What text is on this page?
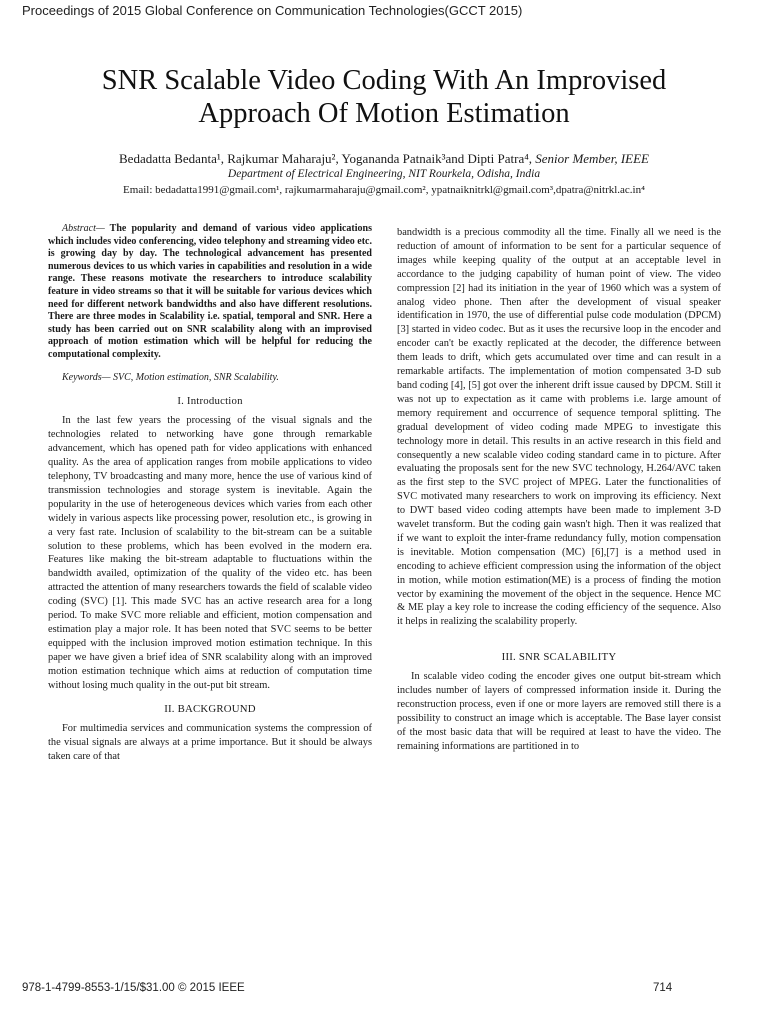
Proceedings of 2015 Global Conference on Communication Technologies(GCCT 2015)
SNR Scalable Video Coding With An Improvised
Approach Of Motion Estimation
Bedadatta Bedanta¹, Rajkumar Maharaju², Yogananda Patnaik³and Dipti Patra⁴, Senior Member, IEEE
Department of Electrical Engineering, NIT Rourkela, Odisha, India
Email: bedadatta1991@gmail.com¹, rajkumarmaharaju@gmail.com², ypatnaiknitrkl@gmail.com³,dpatra@nitrkl.ac.in⁴

Abstract— The popularity and demand of various video applications which includes video conferencing, video telephony and streaming video etc. is growing day by day. The technological advancement has presented numerous devices to us which varies in capabilities and resolution in a wide range. These reasons motivate the researchers to introduce scalability feature in video streams so that it will be suitable for various devices which need for different network bandwidths and also have different resolutions. There are three modes in Scalability i.e. spatial, temporal and SNR. Here a study has been carried out on SNR scalability along with an improvised approach of motion estimation which will be helpful for reducing the computational complexity.

Keywords— SVC, Motion estimation, SNR Scalability.

I. Introduction

In the last few years the processing of the visual signals and the technologies related to networking have gone through remarkable advancement, which has opened path for video applications with enhanced quality. As the area of application ranges from mobile applications to video telephony, TV broadcasting and many more, hence the use of various kind of transmission technologies and storage system is inevitable. Again the popularity in the use of heterogeneous devices which varies from each other widely in various aspects like processing power, resolution etc., is growing in a very fast rate. Inclusion of scalability to the bit-stream can be a suitable solution to these problems, which has been evolved in the modern era. Features like making the bit-stream adaptable to fluctuations within the bandwidth availed, optimization of the quality of the video etc. has been attracted the attention of many researchers towards the field of scalable video coding (SVC) [1]. This made SVC has an active research area for a long period. To make SVC more reliable and efficient, motion compensation and estimation play a major role. It has been noted that SVC seems to be better equipped with the inclusion improved motion estimation technique. In this paper we have given a brief idea of SNR scalability along with an improved motion estimation technique which aims at reduction of computation time without losing much quality in the out-put bit stream.

II. BACKGROUND

For multimedia services and communication systems the compression of the visual signals are always at a prime importance. But it should be always taken care of that

bandwidth is a precious commodity all the time. Finally all we need is the reduction of amount of information to be sent for a particular sequence of images while keeping quality of the output at an acceptable level in accordance to the judging capability of human point of view. The video compression [2] had its initiation in the year of 1960 which was a system of analog video phone. Then after the development of visual speaker identification in 1970, the use of differential pulse code modulation (DPCM) [3] started in video codec. But as it uses the recursive loop in the encoder and encoder can't be exactly replicated at the decoder, the difference between them leads to drift, which gets accumulated over time and can result in a remarkable artifacts. The implementation of motion compensated 3-D sub band coding [4], [5] got over the inherent drift issue caused by DPCM. Still it was not up to expectation as it came with problems i.e. large amount of memory requirement and occurrence of sequence temporal splitting. The gradual development of video coding made MPEG to investigate this technology more in detail. This results in an active research in this field and consequently a new scalable video coding standard came in to picture. After evaluating the proposals sent for the new SVC technology, H.264/AVC taken as the first step to the SVC project of MPEG. Later the functionalities of SVC motivated many researchers to work on improving its efficiency. Next to DWT based video coding attempts have been made to implement 3-D wavelet transform. But the coding gain wasn't high. Then it was realized that if we want to exploit the inter-frame redundancy fully, motion compensation is inevitable. Motion compensation (MC) [6],[7] is a method used in encoding to achieve efficient compression using the information of the object in motion, while motion estimation(ME) is a process of finding the motion vector by examining the movement of the object in the sequence. Hence MC & ME play a key role to increase the coding efficiency of the sequence. Also it helps in realizing the scalability properly.

III. SNR SCALABILITY

In scalable video coding the encoder gives one output bit-stream which includes number of layers of compressed information inside it. During the reconstruction process, even if one or more layers are removed still there is a possibility to construct an image which is acceptable. The Base layer consist of the most basic data that will be required at least to have the video. The remaining informations are partitioned in to

978-1-4799-8553-1/15/$31.00 © 2015 IEEE	714
